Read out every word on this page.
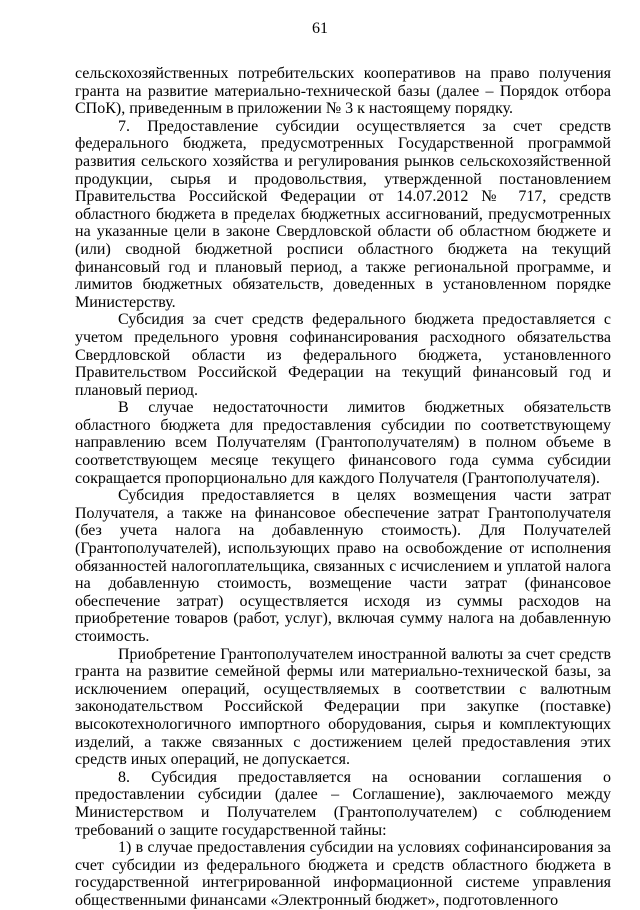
61

сельскохозяйственных потребительских кооперативов на право получения гранта на развитие материально-технической базы (далее – Порядок отбора СПоК), приведенным в приложении № 3 к настоящему порядку.

7. Предоставление субсидии осуществляется за счет средств федерального бюджета, предусмотренных Государственной программой развития сельского хозяйства и регулирования рынков сельскохозяйственной продукции, сырья и продовольствия, утвержденной постановлением Правительства Российской Федерации от 14.07.2012 № 717, средств областного бюджета в пределах бюджетных ассигнований, предусмотренных на указанные цели в законе Свердловской области об областном бюджете и (или) сводной бюджетной росписи областного бюджета на текущий финансовый год и плановый период, а также региональной программе, и лимитов бюджетных обязательств, доведенных в установленном порядке Министерству.

Субсидия за счет средств федерального бюджета предоставляется с учетом предельного уровня софинансирования расходного обязательства Свердловской области из федерального бюджета, установленного Правительством Российской Федерации на текущий финансовый год и плановый период.

В случае недостаточности лимитов бюджетных обязательств областного бюджета для предоставления субсидии по соответствующему направлению всем Получателям (Грантополучателям) в полном объеме в соответствующем месяце текущего финансового года сумма субсидии сокращается пропорционально для каждого Получателя (Грантополучателя).

Субсидия предоставляется в целях возмещения части затрат Получателя, а также на финансовое обеспечение затрат Грантополучателя (без учета налога на добавленную стоимость). Для Получателей (Грантополучателей), использующих право на освобождение от исполнения обязанностей налогоплательщика, связанных с исчислением и уплатой налога на добавленную стоимость, возмещение части затрат (финансовое обеспечение затрат) осуществляется исходя из суммы расходов на приобретение товаров (работ, услуг), включая сумму налога на добавленную стоимость.

Приобретение Грантополучателем иностранной валюты за счет средств гранта на развитие семейной фермы или материально-технической базы, за исключением операций, осуществляемых в соответствии с валютным законодательством Российской Федерации при закупке (поставке) высокотехнологичного импортного оборудования, сырья и комплектующих изделий, а также связанных с достижением целей предоставления этих средств иных операций, не допускается.

8. Субсидия предоставляется на основании соглашения о предоставлении субсидии (далее – Соглашение), заключаемого между Министерством и Получателем (Грантополучателем) с соблюдением требований о защите государственной тайны:

1) в случае предоставления субсидии на условиях софинансирования за счет субсидии из федерального бюджета и средств областного бюджета в государственной интегрированной информационной системе управления общественными финансами «Электронный бюджет», подготовленного
